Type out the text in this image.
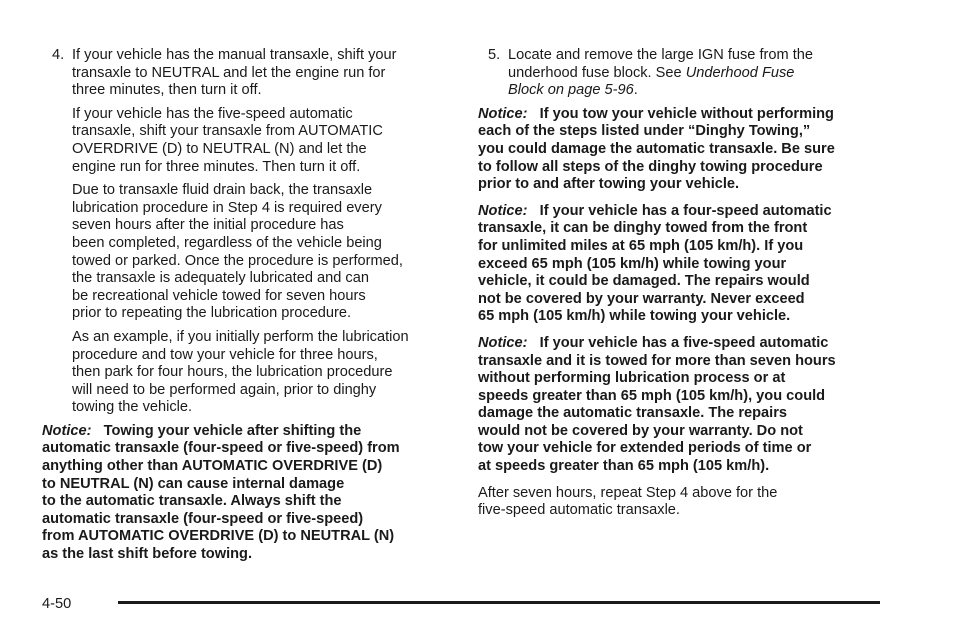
4. If your vehicle has the manual transaxle, shift your
transaxle to NEUTRAL and let the engine run for
three minutes, then turn it off.
If your vehicle has the five-speed automatic
transaxle, shift your transaxle from AUTOMATIC
OVERDRIVE (D) to NEUTRAL (N) and let the
engine run for three minutes. Then turn it off.
Due to transaxle fluid drain back, the transaxle
lubrication procedure in Step 4 is required every
seven hours after the initial procedure has
been completed, regardless of the vehicle being
towed or parked. Once the procedure is performed,
the transaxle is adequately lubricated and can
be recreational vehicle towed for seven hours
prior to repeating the lubrication procedure.
As an example, if you initially perform the lubrication
procedure and tow your vehicle for three hours,
then park for four hours, the lubrication procedure
will need to be performed again, prior to dinghy
towing the vehicle.
Notice: Towing your vehicle after shifting the
automatic transaxle (four-speed or five-speed) from
anything other than AUTOMATIC OVERDRIVE (D)
to NEUTRAL (N) can cause internal damage
to the automatic transaxle. Always shift the
automatic transaxle (four-speed or five-speed)
from AUTOMATIC OVERDRIVE (D) to NEUTRAL (N)
as the last shift before towing.
5. Locate and remove the large IGN fuse from the
underhood fuse block. See Underhood Fuse
Block on page 5-96.
Notice: If you tow your vehicle without performing
each of the steps listed under “Dinghy Towing,”
you could damage the automatic transaxle. Be sure
to follow all steps of the dinghy towing procedure
prior to and after towing your vehicle.
Notice: If your vehicle has a four-speed automatic
transaxle, it can be dinghy towed from the front
for unlimited miles at 65 mph (105 km/h). If you
exceed 65 mph (105 km/h) while towing your
vehicle, it could be damaged. The repairs would
not be covered by your warranty. Never exceed
65 mph (105 km/h) while towing your vehicle.
Notice: If your vehicle has a five-speed automatic
transaxle and it is towed for more than seven hours
without performing lubrication process or at
speeds greater than 65 mph (105 km/h), you could
damage the automatic transaxle. The repairs
would not be covered by your warranty. Do not
tow your vehicle for extended periods of time or
at speeds greater than 65 mph (105 km/h).
After seven hours, repeat Step 4 above for the
five-speed automatic transaxle.
4-50
